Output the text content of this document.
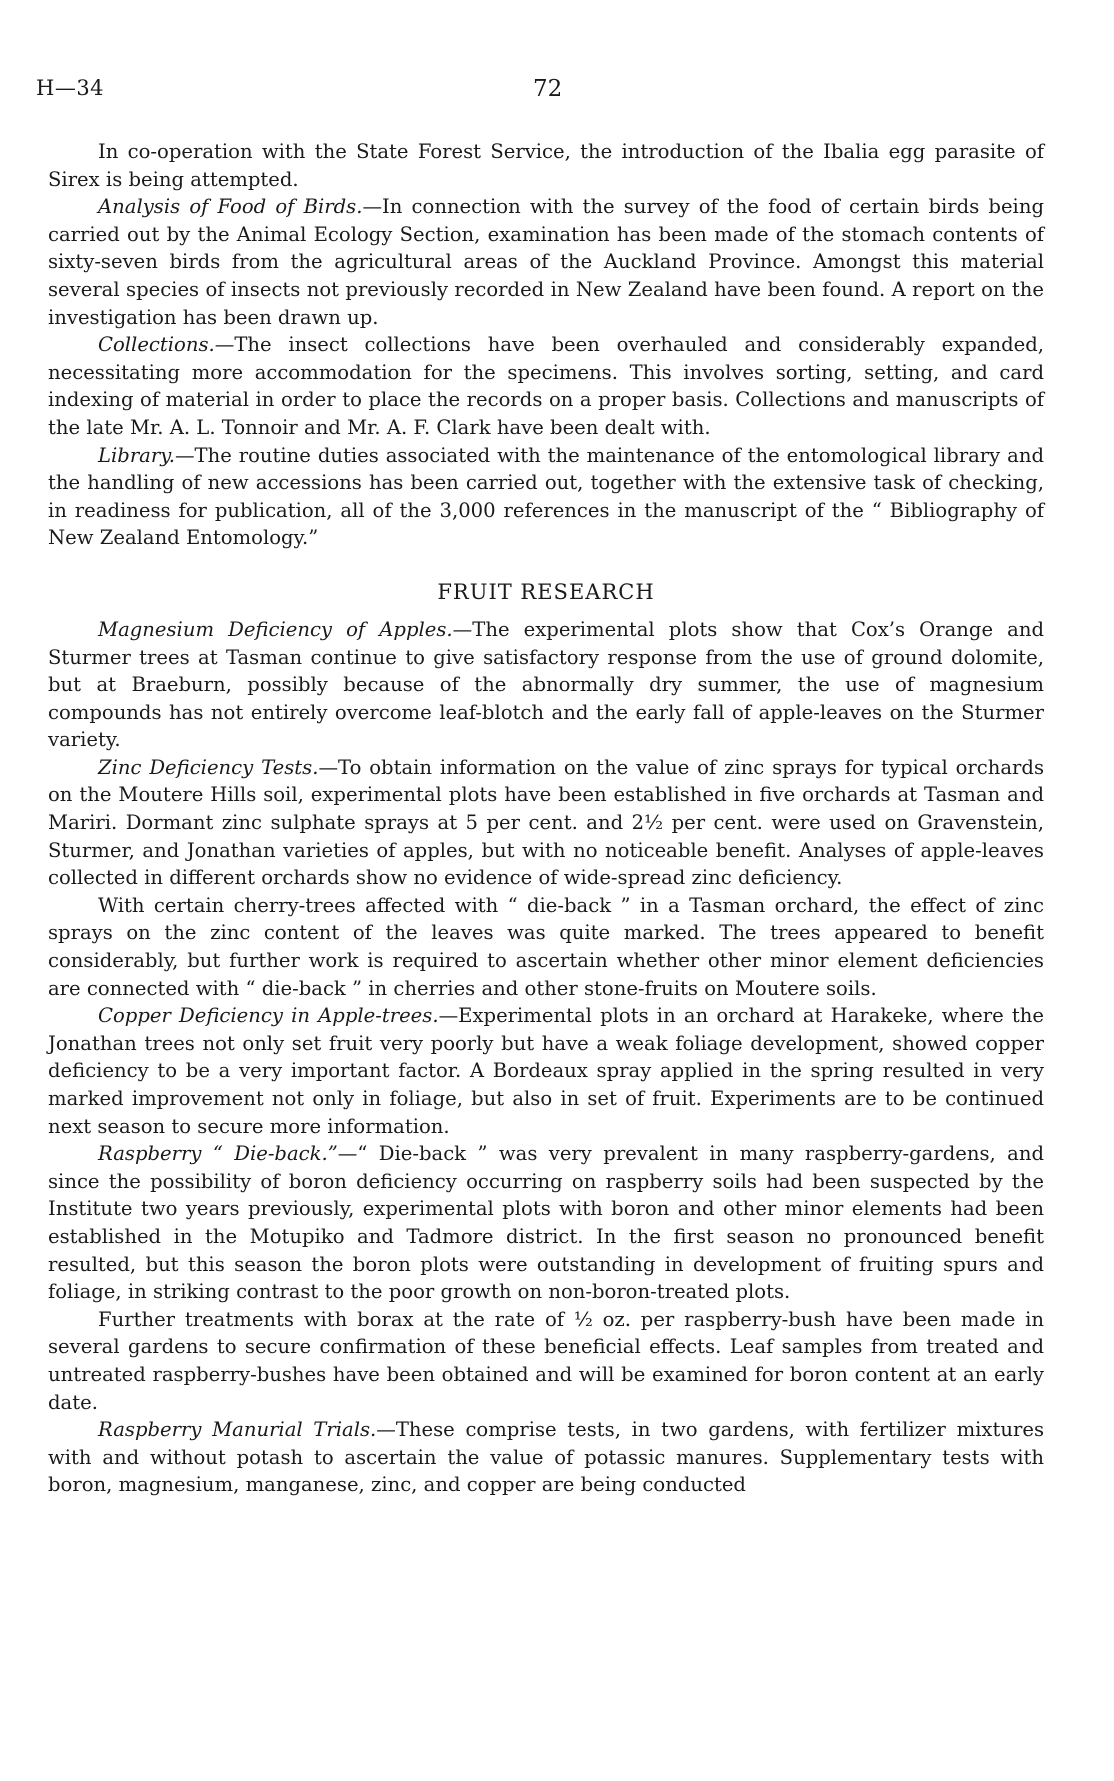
H—34	72

In co-operation with the State Forest Service, the introduction of the Ibalia egg parasite of Sirex is being attempted.

Analysis of Food of Birds.—In connection with the survey of the food of certain birds being carried out by the Animal Ecology Section, examination has been made of the stomach contents of sixty-seven birds from the agricultural areas of the Auckland Province. Amongst this material several species of insects not previously recorded in New Zealand have been found. A report on the investigation has been drawn up.

Collections.—The insect collections have been overhauled and considerably expanded, necessitating more accommodation for the specimens. This involves sorting, setting, and card indexing of material in order to place the records on a proper basis. Collections and manuscripts of the late Mr. A. L. Tonnoir and Mr. A. F. Clark have been dealt with.

Library.—The routine duties associated with the maintenance of the entomological library and the handling of new accessions has been carried out, together with the extensive task of checking, in readiness for publication, all of the 3,000 references in the manuscript of the “ Bibliography of New Zealand Entomology.”

FRUIT RESEARCH

Magnesium Deficiency of Apples.—The experimental plots show that Cox’s Orange and Sturmer trees at Tasman continue to give satisfactory response from the use of ground dolomite, but at Braeburn, possibly because of the abnormally dry summer, the use of magnesium compounds has not entirely overcome leaf-blotch and the early fall of apple-leaves on the Sturmer variety.

Zinc Deficiency Tests.—To obtain information on the value of zinc sprays for typical orchards on the Moutere Hills soil, experimental plots have been established in five orchards at Tasman and Mariri. Dormant zinc sulphate sprays at 5 per cent. and 2½ per cent. were used on Gravenstein, Sturmer, and Jonathan varieties of apples, but with no noticeable benefit. Analyses of apple-leaves collected in different orchards show no evidence of wide-spread zinc deficiency.

With certain cherry-trees affected with “ die-back ” in a Tasman orchard, the effect of zinc sprays on the zinc content of the leaves was quite marked. The trees appeared to benefit considerably, but further work is required to ascertain whether other minor element deficiencies are connected with “ die-back ” in cherries and other stone-fruits on Moutere soils.

Copper Deficiency in Apple-trees.—Experimental plots in an orchard at Harakeke, where the Jonathan trees not only set fruit very poorly but have a weak foliage development, showed copper deficiency to be a very important factor. A Bordeaux spray applied in the spring resulted in very marked improvement not only in foliage, but also in set of fruit. Experiments are to be continued next season to secure more information.

Raspberry “ Die-back.”—“ Die-back ” was very prevalent in many raspberry-gardens, and since the possibility of boron deficiency occurring on raspberry soils had been suspected by the Institute two years previously, experimental plots with boron and other minor elements had been established in the Motupiko and Tadmore district. In the first season no pronounced benefit resulted, but this season the boron plots were outstanding in development of fruiting spurs and foliage, in striking contrast to the poor growth on non-boron-treated plots.

Further treatments with borax at the rate of ½ oz. per raspberry-bush have been made in several gardens to secure confirmation of these beneficial effects. Leaf samples from treated and untreated raspberry-bushes have been obtained and will be examined for boron content at an early date.

Raspberry Manurial Trials.—These comprise tests, in two gardens, with fertilizer mixtures with and without potash to ascertain the value of potassic manures. Supplementary tests with boron, magnesium, manganese, zinc, and copper are being conducted
